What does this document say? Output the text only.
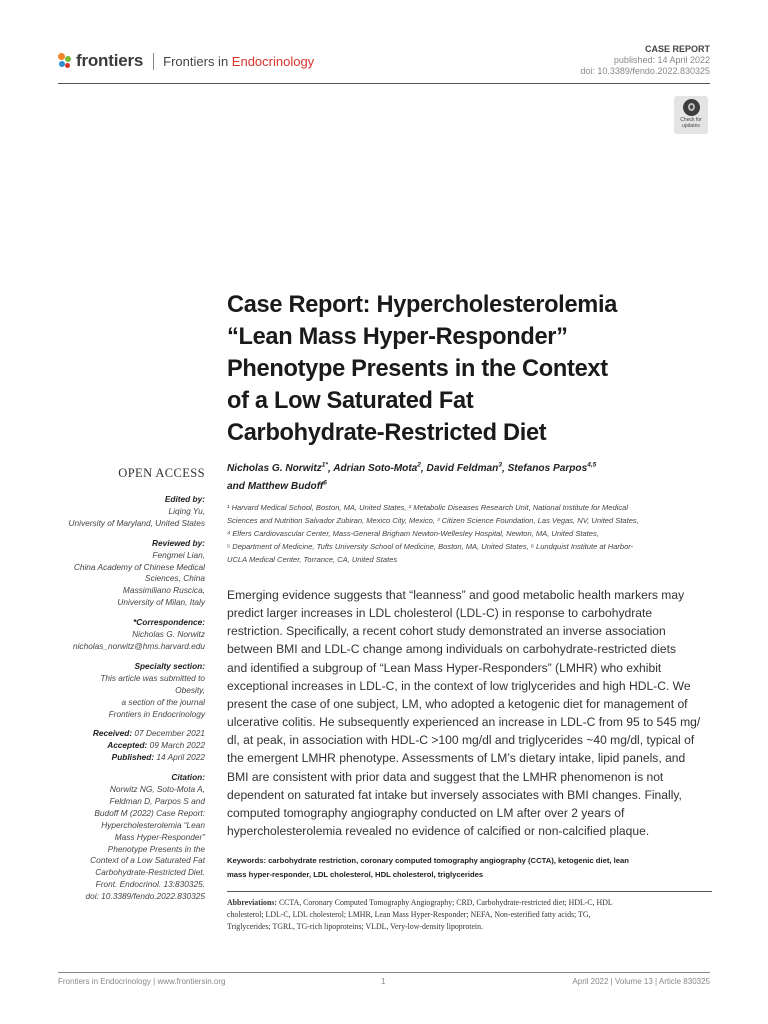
frontiers Frontiers in Endocrinology
CASE REPORT
published: 14 April 2022
doi: 10.3389/fendo.2022.830325
Check for
updates
Case Report: Hypercholesterolemia
“Lean Mass Hyper-Responder”
Phenotype Presents in the Context
of a Low Saturated Fat
Carbohydrate-Restricted Diet
OPEN ACCESS
Edited by:
Liqing Yu,
University of Maryland, United States
Reviewed by:
Fengmei Lian,
China Academy of Chinese Medical
Sciences, China
Massimiliano Ruscica,
University of Milan, Italy
*Correspondence:
Nicholas G. Norwitz
nicholas_norwitz@hms.harvard.edu
Specialty section:
This article was submitted to
Obesity,
a section of the journal
Frontiers in Endocrinology
Received: 07 December 2021
Accepted: 09 March 2022
Published: 14 April 2022
Citation:
Norwitz NG, Soto-Mota A,
Feldman D, Parpos S and
Budoff M (2022) Case Report:
Hypercholesterolemia “Lean
Mass Hyper-Responder”
Phenotype Presents in the
Context of a Low Saturated Fat
Carbohydrate-Restricted Diet.
Front. Endocrinol. 13:830325.
doi: 10.3389/fendo.2022.830325
Nicholas G. Norwitz$^{1*}$, Adrian Soto-Mota$^2$, David Feldman$^3$, Stefanos Parpos$^{4,5}$
and Matthew Budoff$^6$
¹ Harvard Medical School, Boston, MA, United States, ² Metabolic Diseases Research Unit, National Institute for Medical
Sciences and Nutrition Salvador Zubiran, Mexico City, Mexico, ³ Citizen Science Foundation, Las Vegas, NV, United States,
⁴ Elfers Cardiovascular Center, Mass-General Brigham Newton-Wellesley Hospital, Newton, MA, United States,
⁵ Department of Medicine, Tufts University School of Medicine, Boston, MA, United States, ⁶ Lundquist Institute at Harbor-
UCLA Medical Center, Torrance, CA, United States
Emerging evidence suggests that “leanness” and good metabolic health markers may
predict larger increases in LDL cholesterol (LDL-C) in response to carbohydrate
restriction. Specifically, a recent cohort study demonstrated an inverse association
between BMI and LDL-C change among individuals on carbohydrate-restricted diets
and identified a subgroup of “Lean Mass Hyper-Responders” (LMHR) who exhibit
exceptional increases in LDL-C, in the context of low triglycerides and high HDL-C. We
present the case of one subject, LM, who adopted a ketogenic diet for management of
ulcerative colitis. He subsequently experienced an increase in LDL-C from 95 to 545 mg/
dl, at peak, in association with HDL-C >100 mg/dl and triglycerides ~40 mg/dl, typical of
the emergent LMHR phenotype. Assessments of LM’s dietary intake, lipid panels, and
BMI are consistent with prior data and suggest that the LMHR phenomenon is not
dependent on saturated fat intake but inversely associates with BMI changes. Finally,
computed tomography angiography conducted on LM after over 2 years of
hypercholesterolemia revealed no evidence of calcified or non-calcified plaque.
Keywords: carbohydrate restriction, coronary computed tomography angiography (CCTA), ketogenic diet, lean
mass hyper-responder, LDL cholesterol, HDL cholesterol, triglycerides
Abbreviations: CCTA, Coronary Computed Tomography Angiography; CRD, Carbohydrate-restricted diet; HDL-C, HDL
cholesterol; LDL-C, LDL cholesterol; LMHR, Lean Mass Hyper-Responder; NEFA, Non-esterified fatty acids; TG,
Triglycerides; TGRL, TG-rich lipoproteins; VLDL, Very-low-density lipoprotein.
Frontiers in Endocrinology | www.frontiersin.org	1	April 2022 | Volume 13 | Article 830325
